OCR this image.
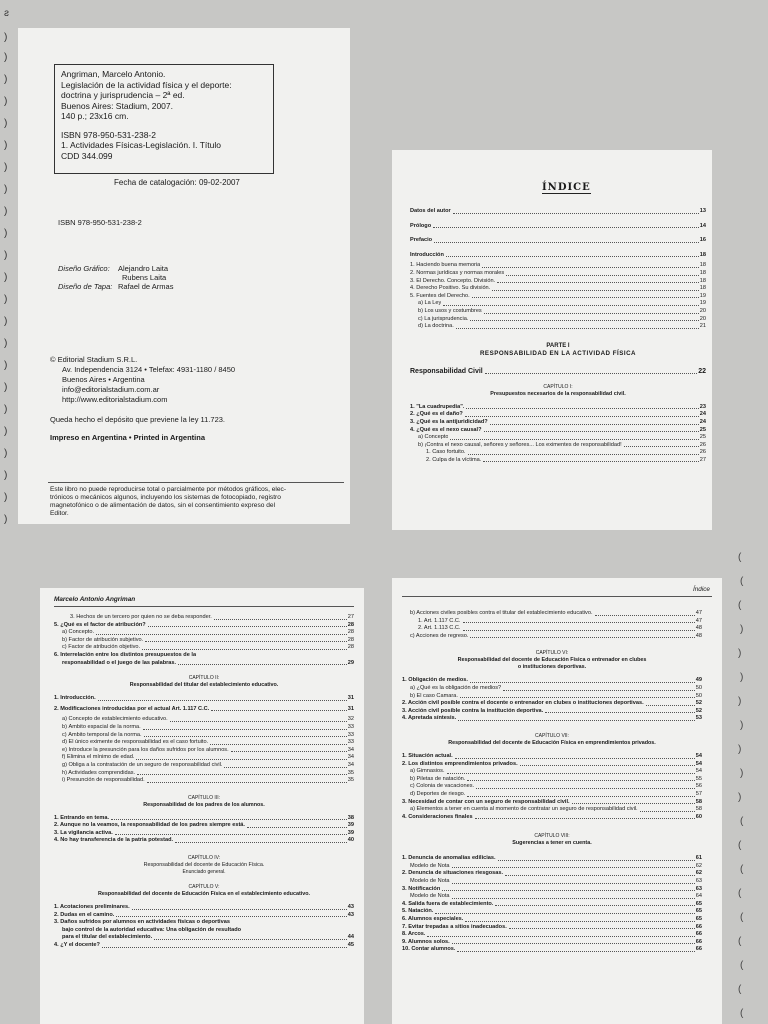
ƨ
)
)
)
)
)
)
)
)
)
)
)
)
)
)
)
)
)
)
)
)
)
)
)
(
(
(
)
)
)
)
)
)
)
)
(
(
(
(
(
(
(
(
(
Angriman, Marcelo Antonio.
Legislación de la actividad física y el deporte:
doctrina y jurisprudencia – 2ª ed.
Buenos Aires: Stadium, 2007.
140 p.; 23x16 cm.
ISBN 978-950-531-238-2
1. Actividades Físicas-Legislación. I. Título
CDD 344.099
Fecha de catalogación: 09-02-2007
ISBN 978-950-531-238-2
Diseño Gráfico: Alejandro Laita
Rubens Laita
Diseño de Tapa: Rafael de Armas
© Editorial Stadium S.R.L.
Av. Independencia 3124 • Telefax: 4931-1180 / 8450
Buenos Aires • Argentina
info@editorialstadium.com.ar
http://www.editorialstadium.com
Queda hecho el depósito que previene la ley 11.723.
Impreso en Argentina • Printed in Argentina
Este libro no puede reproducirse total o parcialmente por métodos gráficos, elec-
trónicos o mecánicos algunos, incluyendo los sistemas de fotocopiado, registro
magnetofónico o de alimentación de datos, sin el consentimiento expreso del
Editor.
ÍNDICE
Datos del autor	13
Prólogo	14
Prefacio	16
Introducción	18
1. Haciendo buena memoria	18
2. Normas jurídicas y normas morales	18
3. El Derecho. Concepto. División.	18
4. Derecho Positivo. Su división.	18
5. Fuentes del Derecho.	19
a) La Ley	19
b) Los usos y costumbres	20
c) La jurisprudencia.	20
d) La doctrina.	21
PARTE I
RESPONSABILIDAD EN LA ACTIVIDAD FÍSICA
Responsabilidad Civil	22
CAPÍTULO I:
Presupuestos necesarios de la responsabilidad civil.
1. "La cuadrupedia".	23
2. ¿Qué es el daño?	24
3. ¿Qué es la antijuridicidad?	24
4. ¿Qué es el nexo causal?	25
a) Concepto	25
b) ¡Contra el nexo causal, señores y señores... Los eximentes de responsabilidad!	26
1. Caso fortuito.	26
2. Culpa de la víctima.	27
Marcelo Antonio Angriman
3. Hechos de un tercero por quien no se deba responder.	27
5. ¿Qué es el factor de atribución?	28
a) Concepto.	28
b) Factor de atribución subjetivo.	28
c) Factor de atribución objetivo.	28
6. Interrelación entre los distintos presupuestos de la
responsabilidad o el juego de las palabras.	29
CAPÍTULO II:
Responsabilidad del titular del establecimiento educativo.
1. Introducción.	31
2. Modificaciones introducidas por el actual Art. 1.117 C.C.	31
a) Concepto de establecimiento educativo.	32
b) Ámbito espacial de la norma.	33
c) Ámbito temporal de la norma.	33
d) El único eximente de responsabilidad es el caso fortuito.	33
e) Introduce la presunción para los daños sufridos por los alumnos.	34
f) Elimina el mínimo de edad.	34
g) Obliga a la contratación de un seguro de responsabilidad civil.	34
h) Actividades comprendidas.	35
i) Presunción de responsabilidad.	35
CAPÍTULO III:
Responsabilidad de los padres de los alumnos.
1. Entrando en tema.	38
2. Aunque no la veamos, la responsabilidad de los padres siempre está.	39
3. La vigilancia activa.	39
4. No hay transferencia de la patria potestad.	40
CAPÍTULO IV:
Responsabilidad del docente de Educación Física.
Enunciado general.
CAPÍTULO V:
Responsabilidad del docente de Educación Física en el establecimiento educativo.
1. Acotaciones preliminares.	43
2. Dudas en el camino.	43
3. Daños sufridos por alumnos en actividades físicas o deportivas
bajo control de la autoridad educativa: Una obligación de resultado
para el titular del establecimiento.	44
4. ¿Y el docente?	45
Índice
b) Acciones civiles posibles contra el titular del establecimiento educativo.	47
1. Art. 1.117 C.C.	47
2. Art. 1.113 C.C.	48
c) Acciones de regreso.	48
CAPÍTULO VI:
Responsabilidad del docente de Educación Física o entrenador en clubes
o instituciones deportivas.
1. Obligación de medios.	49
a) ¿Qué es la obligación de medios?	50
b) El caso Camara.	50
2. Acción civil posible contra el docente o entrenador en clubes o instituciones deportivas.	52
3. Acción civil posible contra la institución deportiva.	52
4. Apretada síntesis.	53
CAPÍTULO VII:
Responsabilidad del docente de Educación Física en emprendimientos privados.
1. Situación actual.	54
2. Los distintos emprendimientos privados.	54
a) Gimnasios.	54
b) Piletas de natación.	55
c) Colonia de vacaciones.	56
d) Deportes de riesgo.	57
3. Necesidad de contar con un seguro de responsabilidad civil.	58
a) Elementos a tener en cuenta al momento de contratar un seguro de responsabilidad civil.	58
4. Consideraciones finales	60
CAPÍTULO VIII:
Sugerencias a tener en cuenta.
1. Denuncia de anomalías edilicias.	61
Modelo de Nota	62
2. Denuncia de situaciones riesgosas.	62
Modelo de Nota	63
3. Notificación	63
Modelo de Nota	64
4. Salida fuera de establecimiento.	65
5. Natación.	65
6. Alumnos especiales.	65
7. Evitar trepadas a sitios inadecuados.	66
8. Arcos.	66
9. Alumnos solos.	66
10. Contar alumnos.	66
